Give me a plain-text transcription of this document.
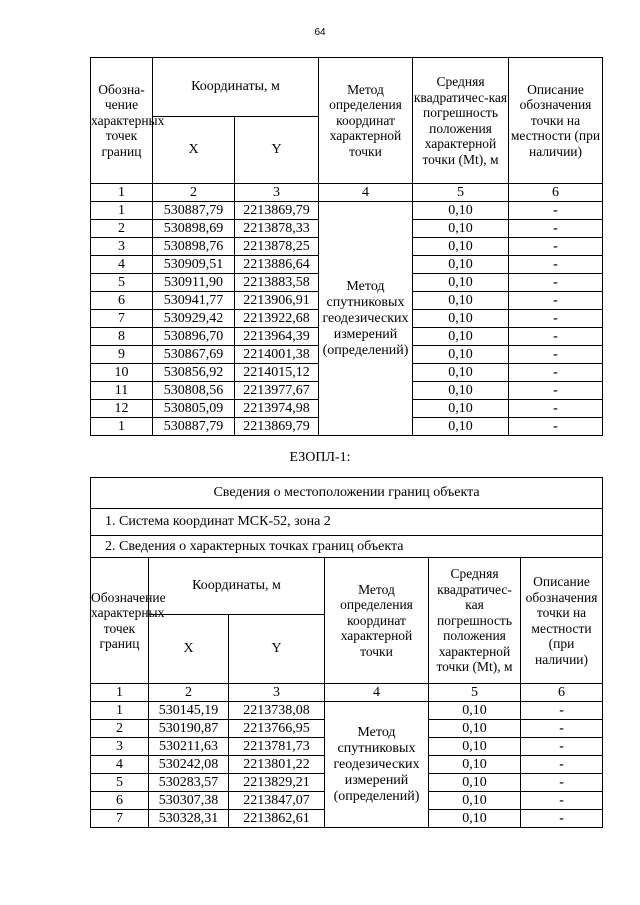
64
Обозна-чение характерных точек границ	Координаты, м		Метод определения координат характерной точки	Средняя квадратичес-кая погрешность положения характерной точки (Mt), м	Описание обозначения точки на местности (при наличии)
	X	Y			
1	2	3	4	5	6
1	530887,79	2213869,79	Метод спутниковых геодезических измерений (определений)	0,10	-
2	530898,69	2213878,33		0,10	-
3	530898,76	2213878,25		0,10	-
4	530909,51	2213886,64		0,10	-
5	530911,90	2213883,58		0,10	-
6	530941,77	2213906,91		0,10	-
7	530929,42	2213922,68		0,10	-
8	530896,70	2213964,39		0,10	-
9	530867,69	2214001,38		0,10	-
10	530856,92	2214015,12		0,10	-
11	530808,56	2213977,67		0,10	-
12	530805,09	2213974,98		0,10	-
1	530887,79	2213869,79		0,10	-
ЕЗОПЛ-1:
Сведения о местоположении границ объекта					
1. Система координат МСК-52, зона 2					
2. Сведения о характерных точках границ объекта					
Обозначение характерных точек границ	Координаты, м		Метод определения координат характерной точки	Средняя квадратичес-кая погрешность положения характерной точки (Mt), м	Описание обозначения точки на местности (при наличии)
	X	Y			
1	2	3	4	5	6
1	530145,19	2213738,08	Метод спутниковых геодезических измерений (определений)	0,10	-
2	530190,87	2213766,95		0,10	-
3	530211,63	2213781,73		0,10	-
4	530242,08	2213801,22		0,10	-
5	530283,57	2213829,21		0,10	-
6	530307,38	2213847,07		0,10	-
7	530328,31	2213862,61		0,10	-
